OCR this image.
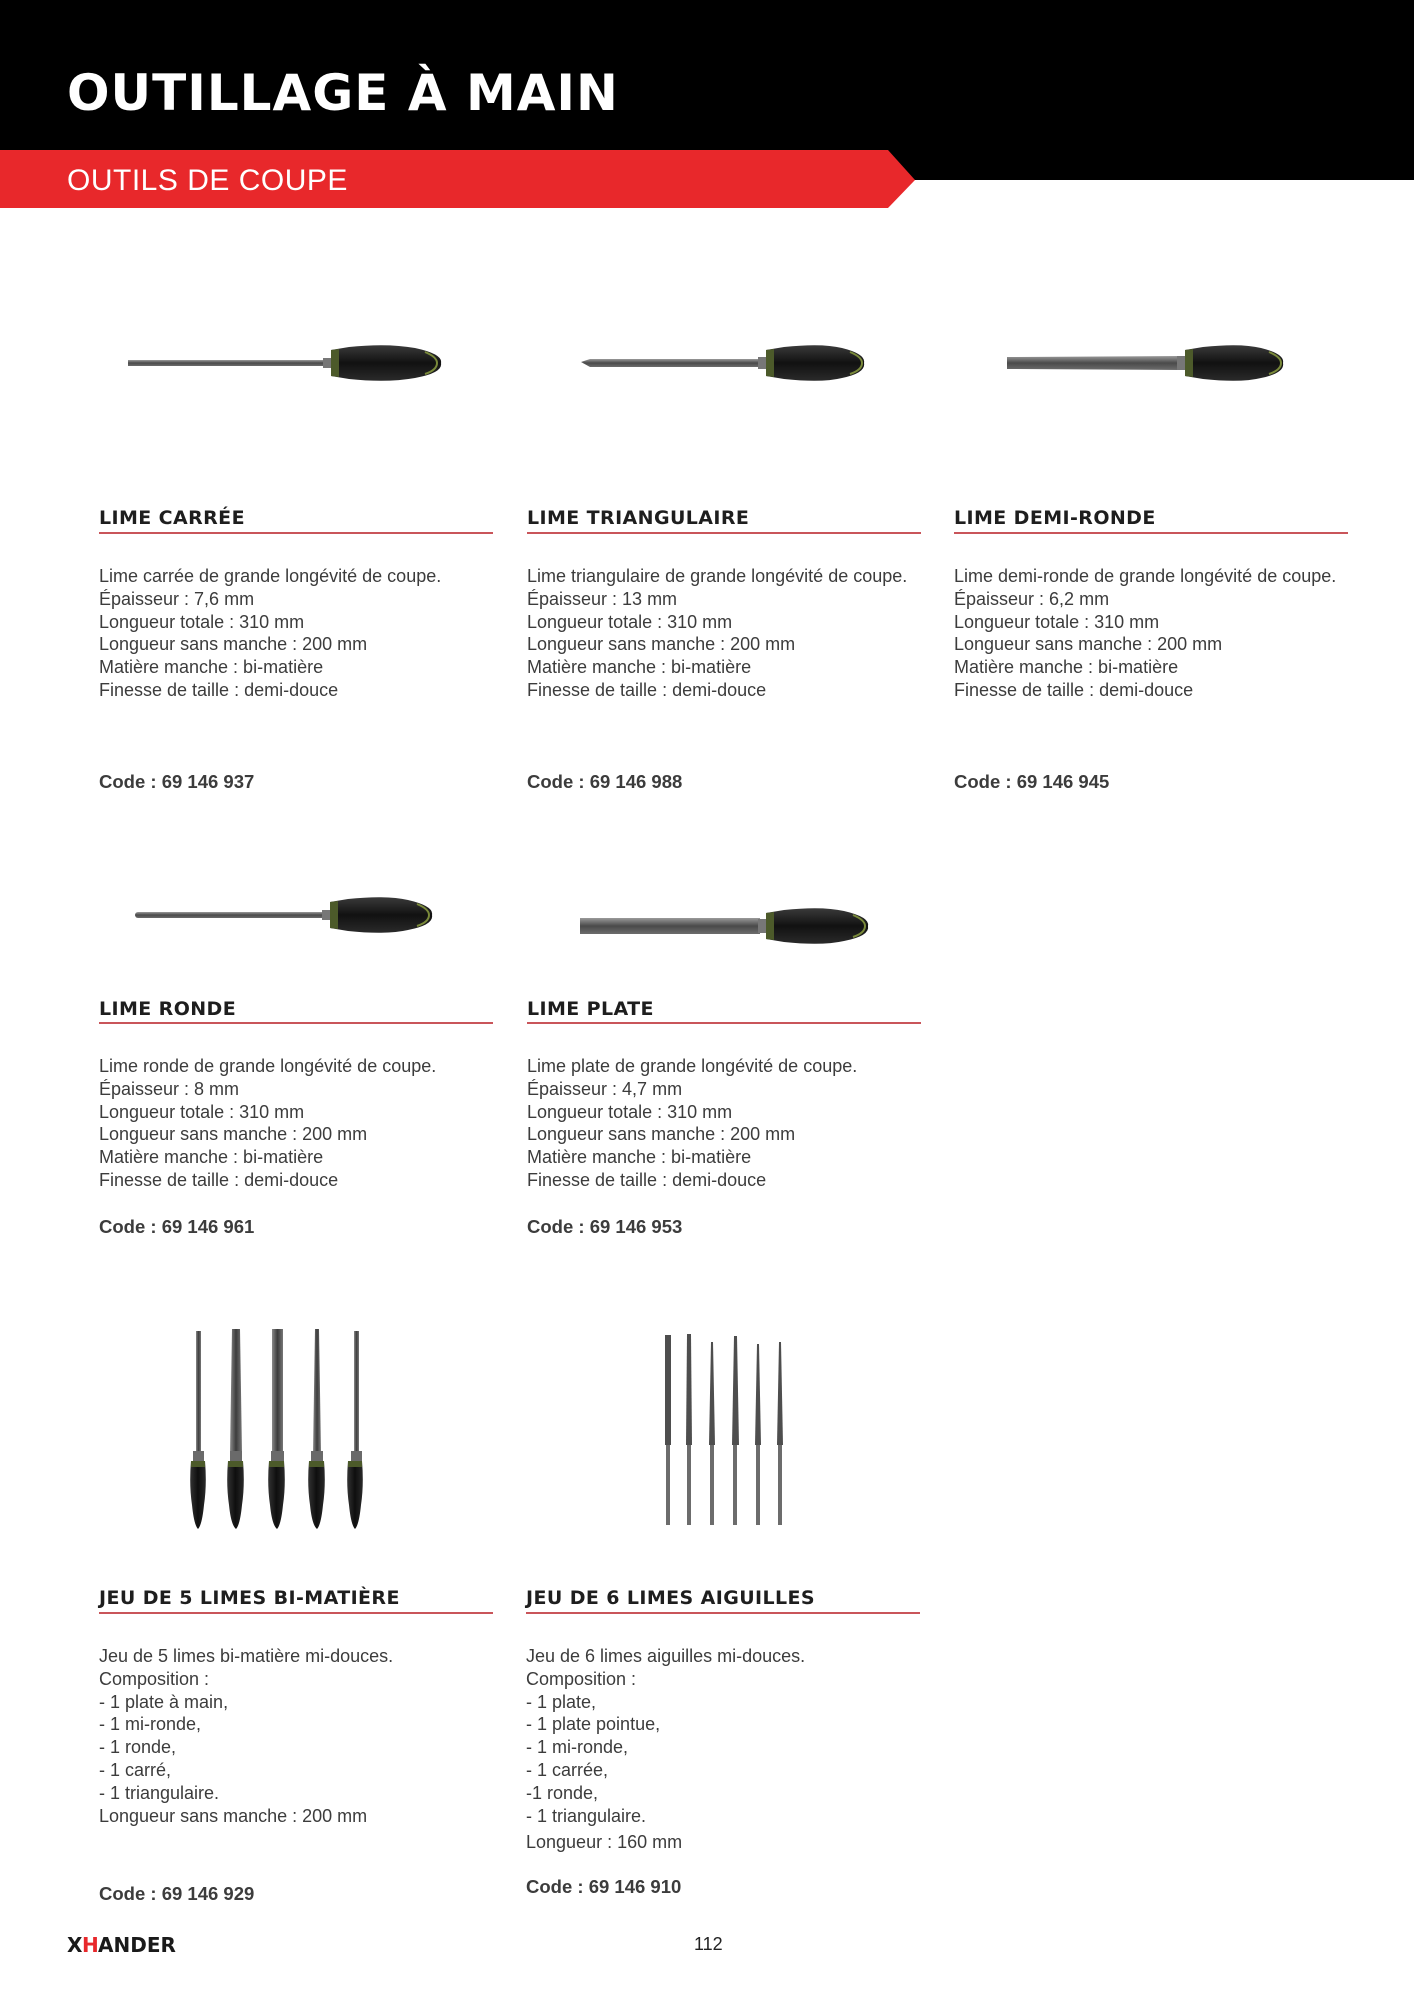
OUTILLAGE À MAIN
OUTILS DE COUPE
LIME CARRÉE
Lime carrée de grande longévité de coupe.
Épaisseur : 7,6 mm
Longueur totale : 310 mm
Longueur sans manche : 200 mm
Matière manche : bi-matière
Finesse de taille : demi-douce
Code : 69 146 937
LIME TRIANGULAIRE
Lime triangulaire de grande longévité de coupe.
Épaisseur : 13 mm
Longueur totale : 310 mm
Longueur sans manche : 200 mm
Matière manche : bi-matière
Finesse de taille : demi-douce
Code : 69 146 988
LIME DEMI-RONDE
Lime demi-ronde de grande longévité de coupe.
Épaisseur : 6,2 mm
Longueur totale : 310 mm
Longueur sans manche : 200 mm
Matière manche : bi-matière
Finesse de taille : demi-douce
Code : 69 146 945
LIME RONDE
Lime ronde de grande longévité de coupe.
Épaisseur : 8 mm
Longueur totale : 310 mm
Longueur sans manche : 200 mm
Matière manche : bi-matière
Finesse de taille : demi-douce
Code : 69 146 961
LIME PLATE
Lime plate de grande longévité de coupe.
Épaisseur : 4,7 mm
Longueur totale : 310 mm
Longueur sans manche : 200 mm
Matière manche : bi-matière
Finesse de taille : demi-douce
Code : 69 146 953
JEU DE 5 LIMES BI-MATIÈRE
Jeu de 5 limes bi-matière mi-douces.
Composition :
- 1 plate à main,
- 1 mi-ronde,
- 1 ronde,
- 1 carré,
- 1 triangulaire.
Longueur sans manche : 200 mm
Code : 69 146 929
JEU DE 6 LIMES AIGUILLES
Jeu de 6 limes aiguilles mi-douces.
Composition :
- 1 plate,
- 1 plate pointue,
- 1 mi-ronde,
- 1 carrée,
-1 ronde,
- 1 triangulaire.
Longueur : 160 mm
Code : 69 146 910
X H ANDER	112
